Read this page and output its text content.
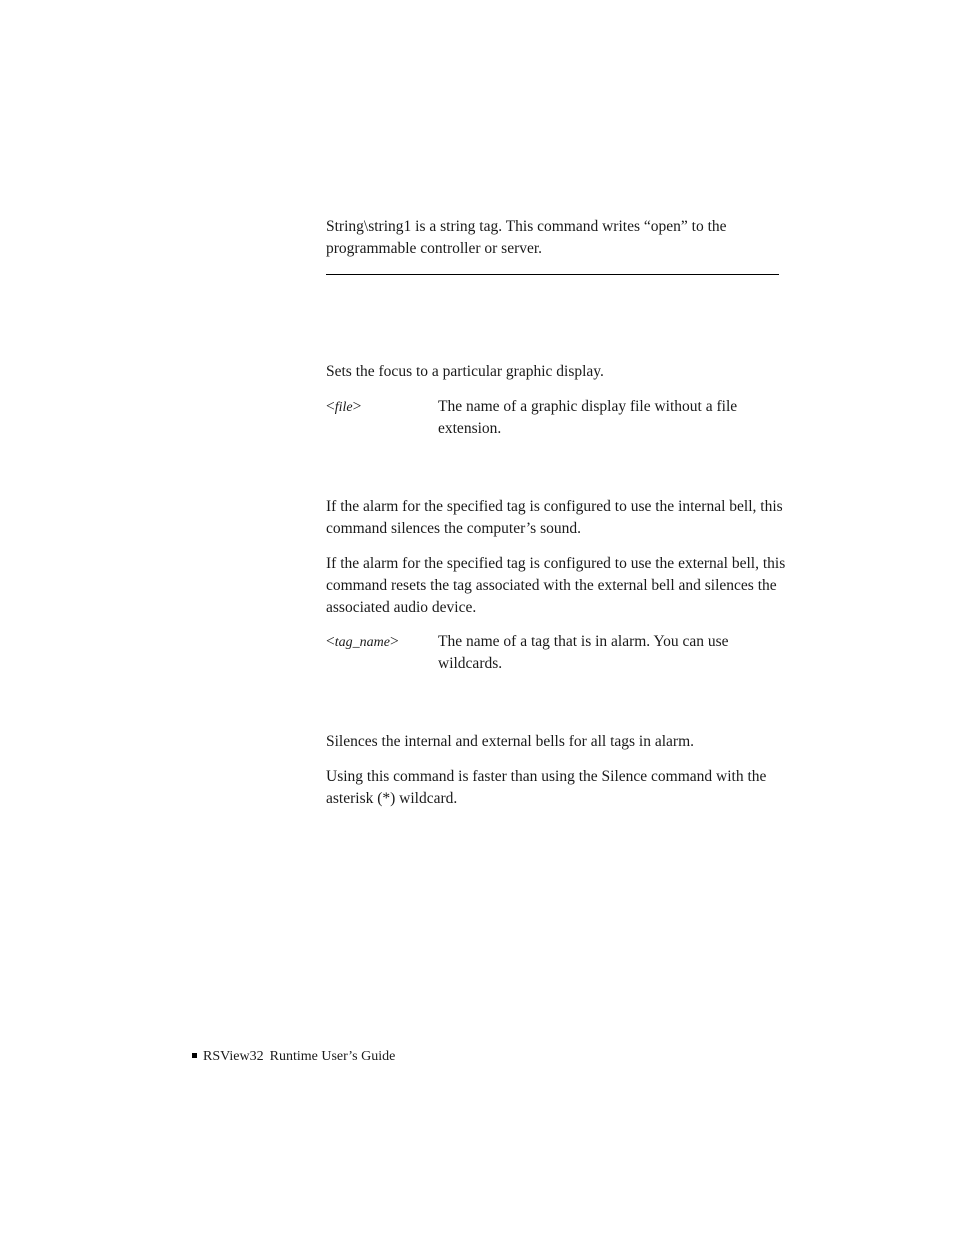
String\string1 is a string tag. This command writes “open” to the programmable controller or server.

Sets the focus to a particular graphic display.

<file>	The name of a graphic display file without a file extension.

If the alarm for the specified tag is configured to use the internal bell, this command silences the computer’s sound.

If the alarm for the specified tag is configured to use the external bell, this command resets the tag associated with the external bell and silences the associated audio device.

<tag_name>	The name of a tag that is in alarm. You can use wildcards.

Silences the internal and external bells for all tags in alarm.

Using this command is faster than using the Silence command with the asterisk (*) wildcard.

RSView32 Runtime User’s Guide
